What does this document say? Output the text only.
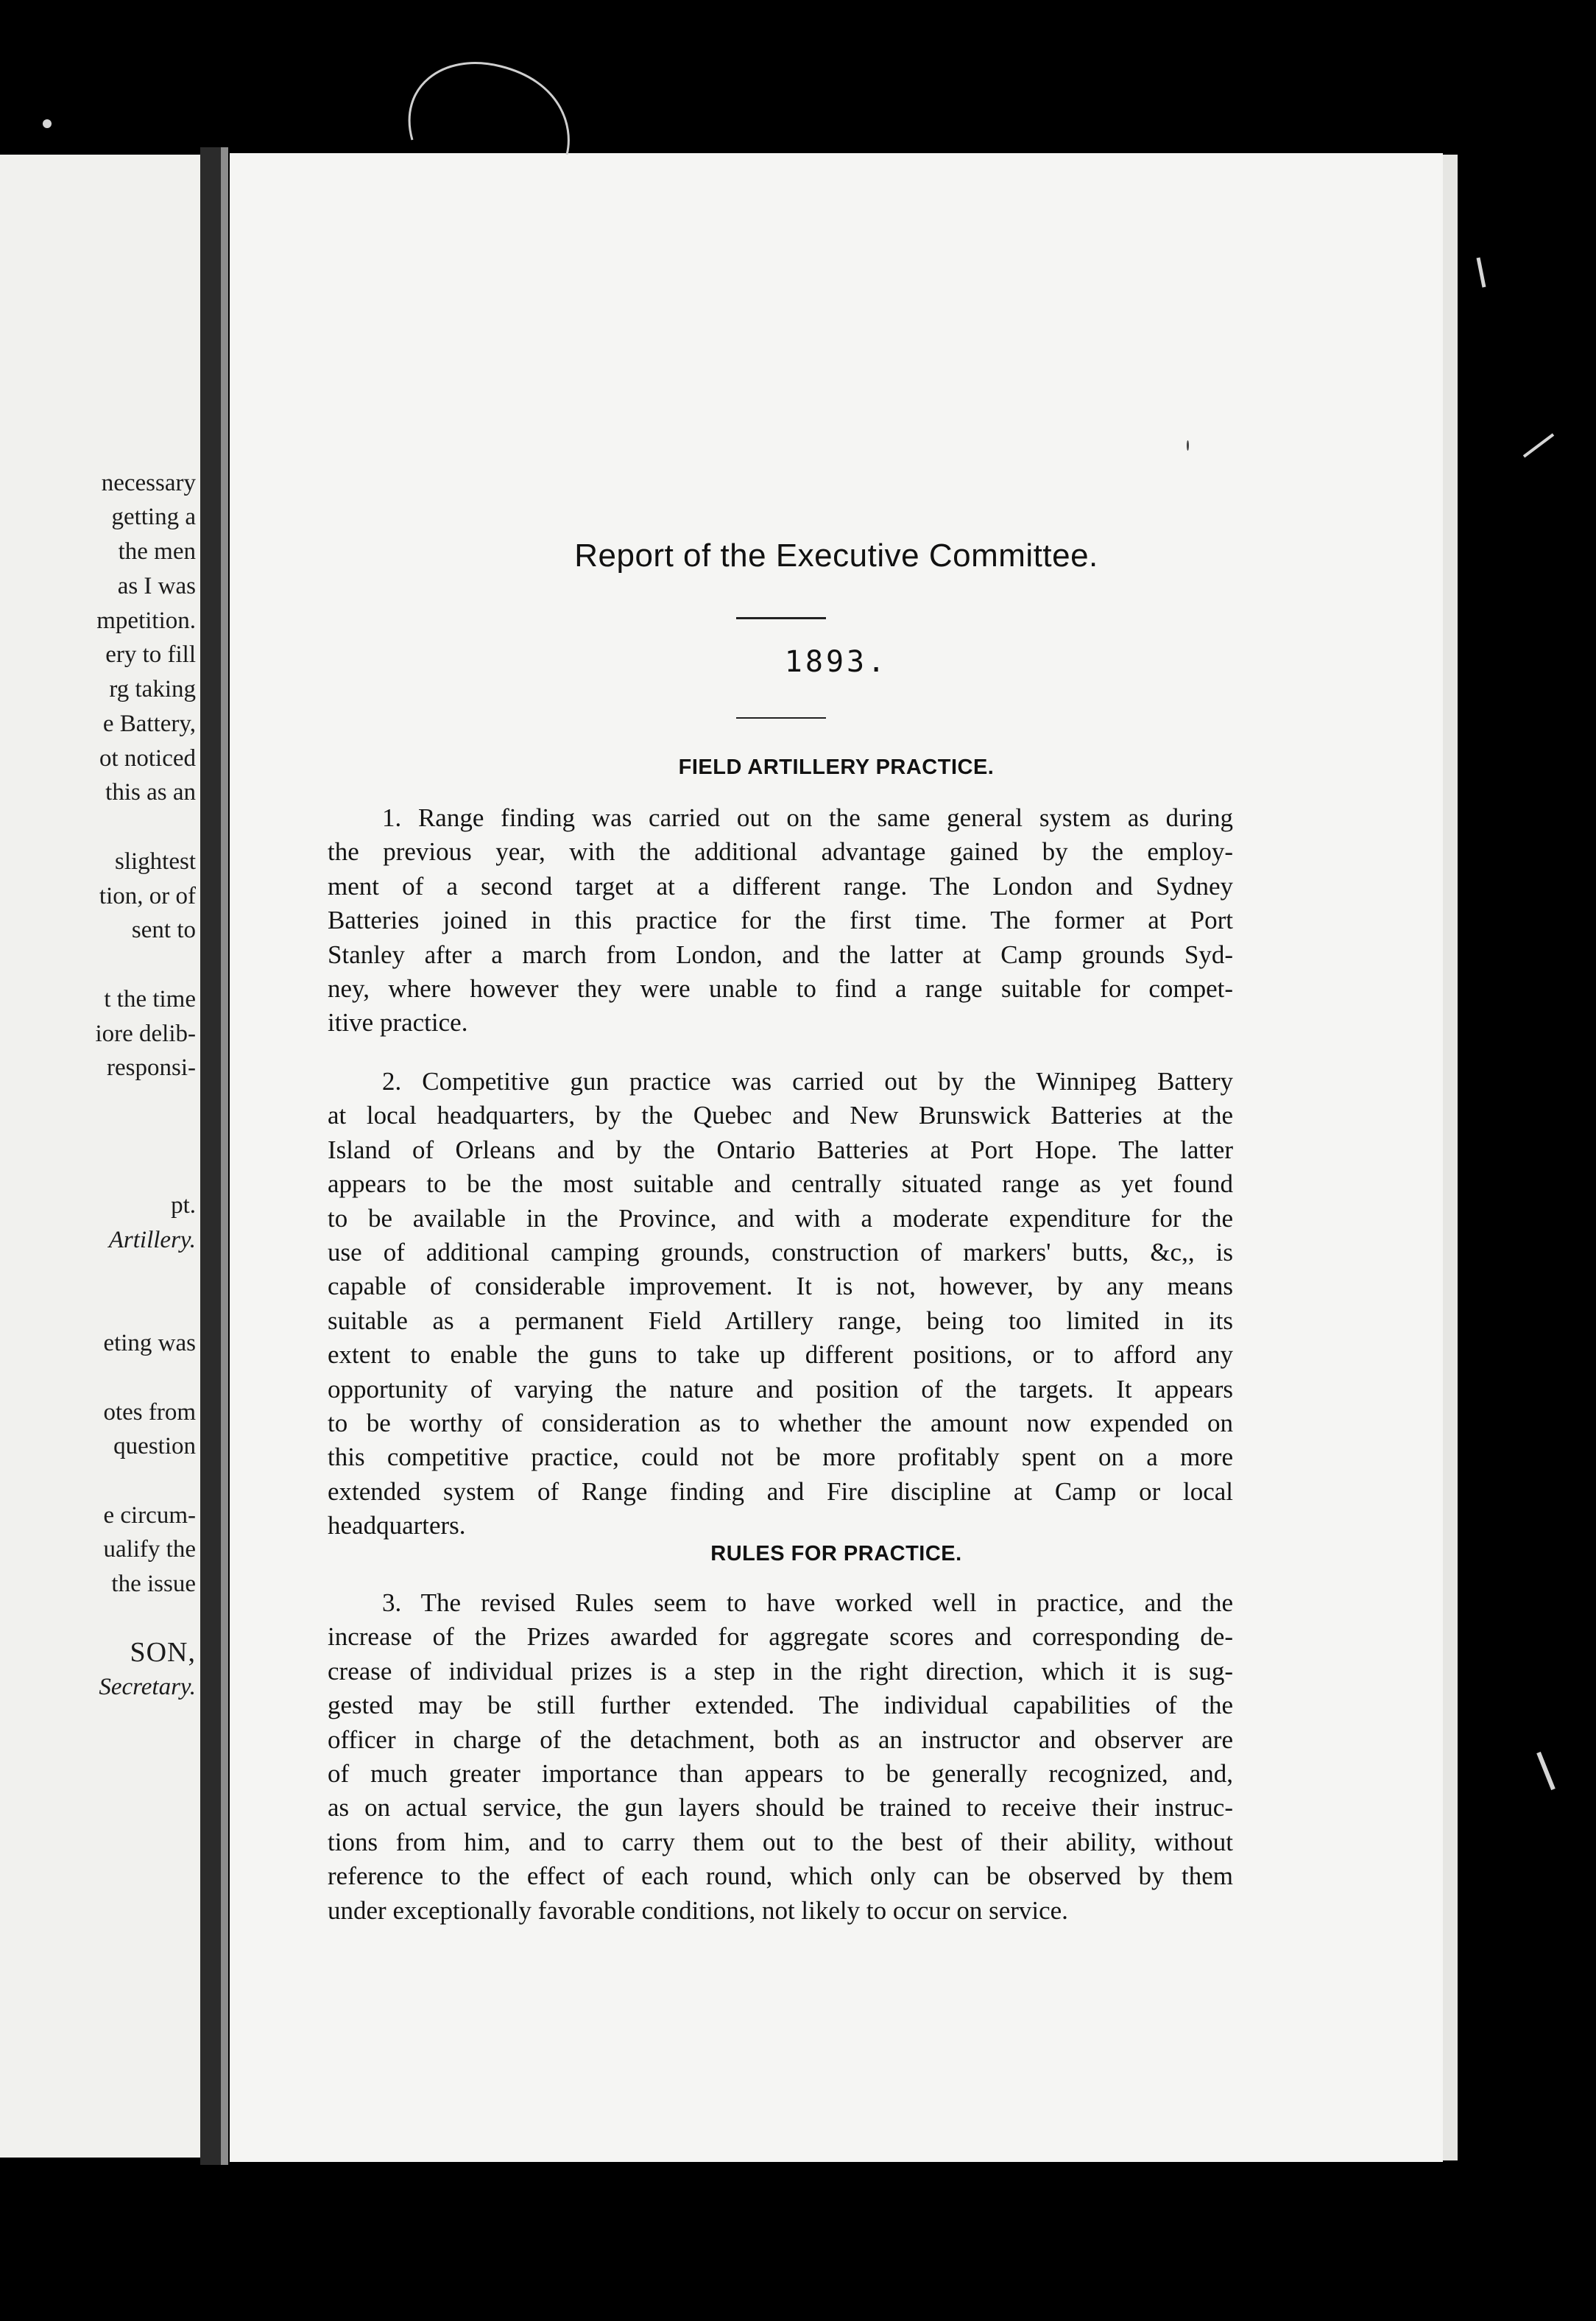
necessary
getting a
the men
as I was
mpetition.
ery to fill
rg taking
e Battery,
ot noticed
this as an
slightest
tion, or of
sent to
t the time
iore delib-
responsi-
pt.
Artillery.
eting was
otes from
question
e circum-
ualify the
the issue
SON,
Secretary.
Report of the Executive Committee.
1893.
FIELD ARTILLERY PRACTICE.
1. Range finding was carried out on the same general system as during
the previous year, with the additional advantage gained by the employ-
ment of a second target at a different range. The London and Sydney
Batteries joined in this practice for the first time. The former at Port
Stanley after a march from London, and the latter at Camp grounds Syd-
ney, where however they were unable to find a range suitable for compet-
itive practice.
2. Competitive gun practice was carried out by the Winnipeg Battery
at local headquarters, by the Quebec and New Brunswick Batteries at the
Island of Orleans and by the Ontario Batteries at Port Hope. The latter
appears to be the most suitable and centrally situated range as yet found
to be available in the Province, and with a moderate expenditure for the
use of additional camping grounds, construction of markers' butts, &c,, is
capable of considerable improvement. It is not, however, by any means
suitable as a permanent Field Artillery range, being too limited in its
extent to enable the guns to take up different positions, or to afford any
opportunity of varying the nature and position of the targets. It appears
to be worthy of consideration as to whether the amount now expended on
this competitive practice, could not be more profitably spent on a more
extended system of Range finding and Fire discipline at Camp or local
headquarters.
RULES FOR PRACTICE.
3. The revised Rules seem to have worked well in practice, and the
increase of the Prizes awarded for aggregate scores and corresponding de-
crease of individual prizes is a step in the right direction, which it is sug-
gested may be still further extended. The individual capabilities of the
officer in charge of the detachment, both as an instructor and observer are
of much greater importance than appears to be generally recognized, and,
as on actual service, the gun layers should be trained to receive their instruc-
tions from him, and to carry them out to the best of their ability, without
reference to the effect of each round, which only can be observed by them
under exceptionally favorable conditions, not likely to occur on service.
